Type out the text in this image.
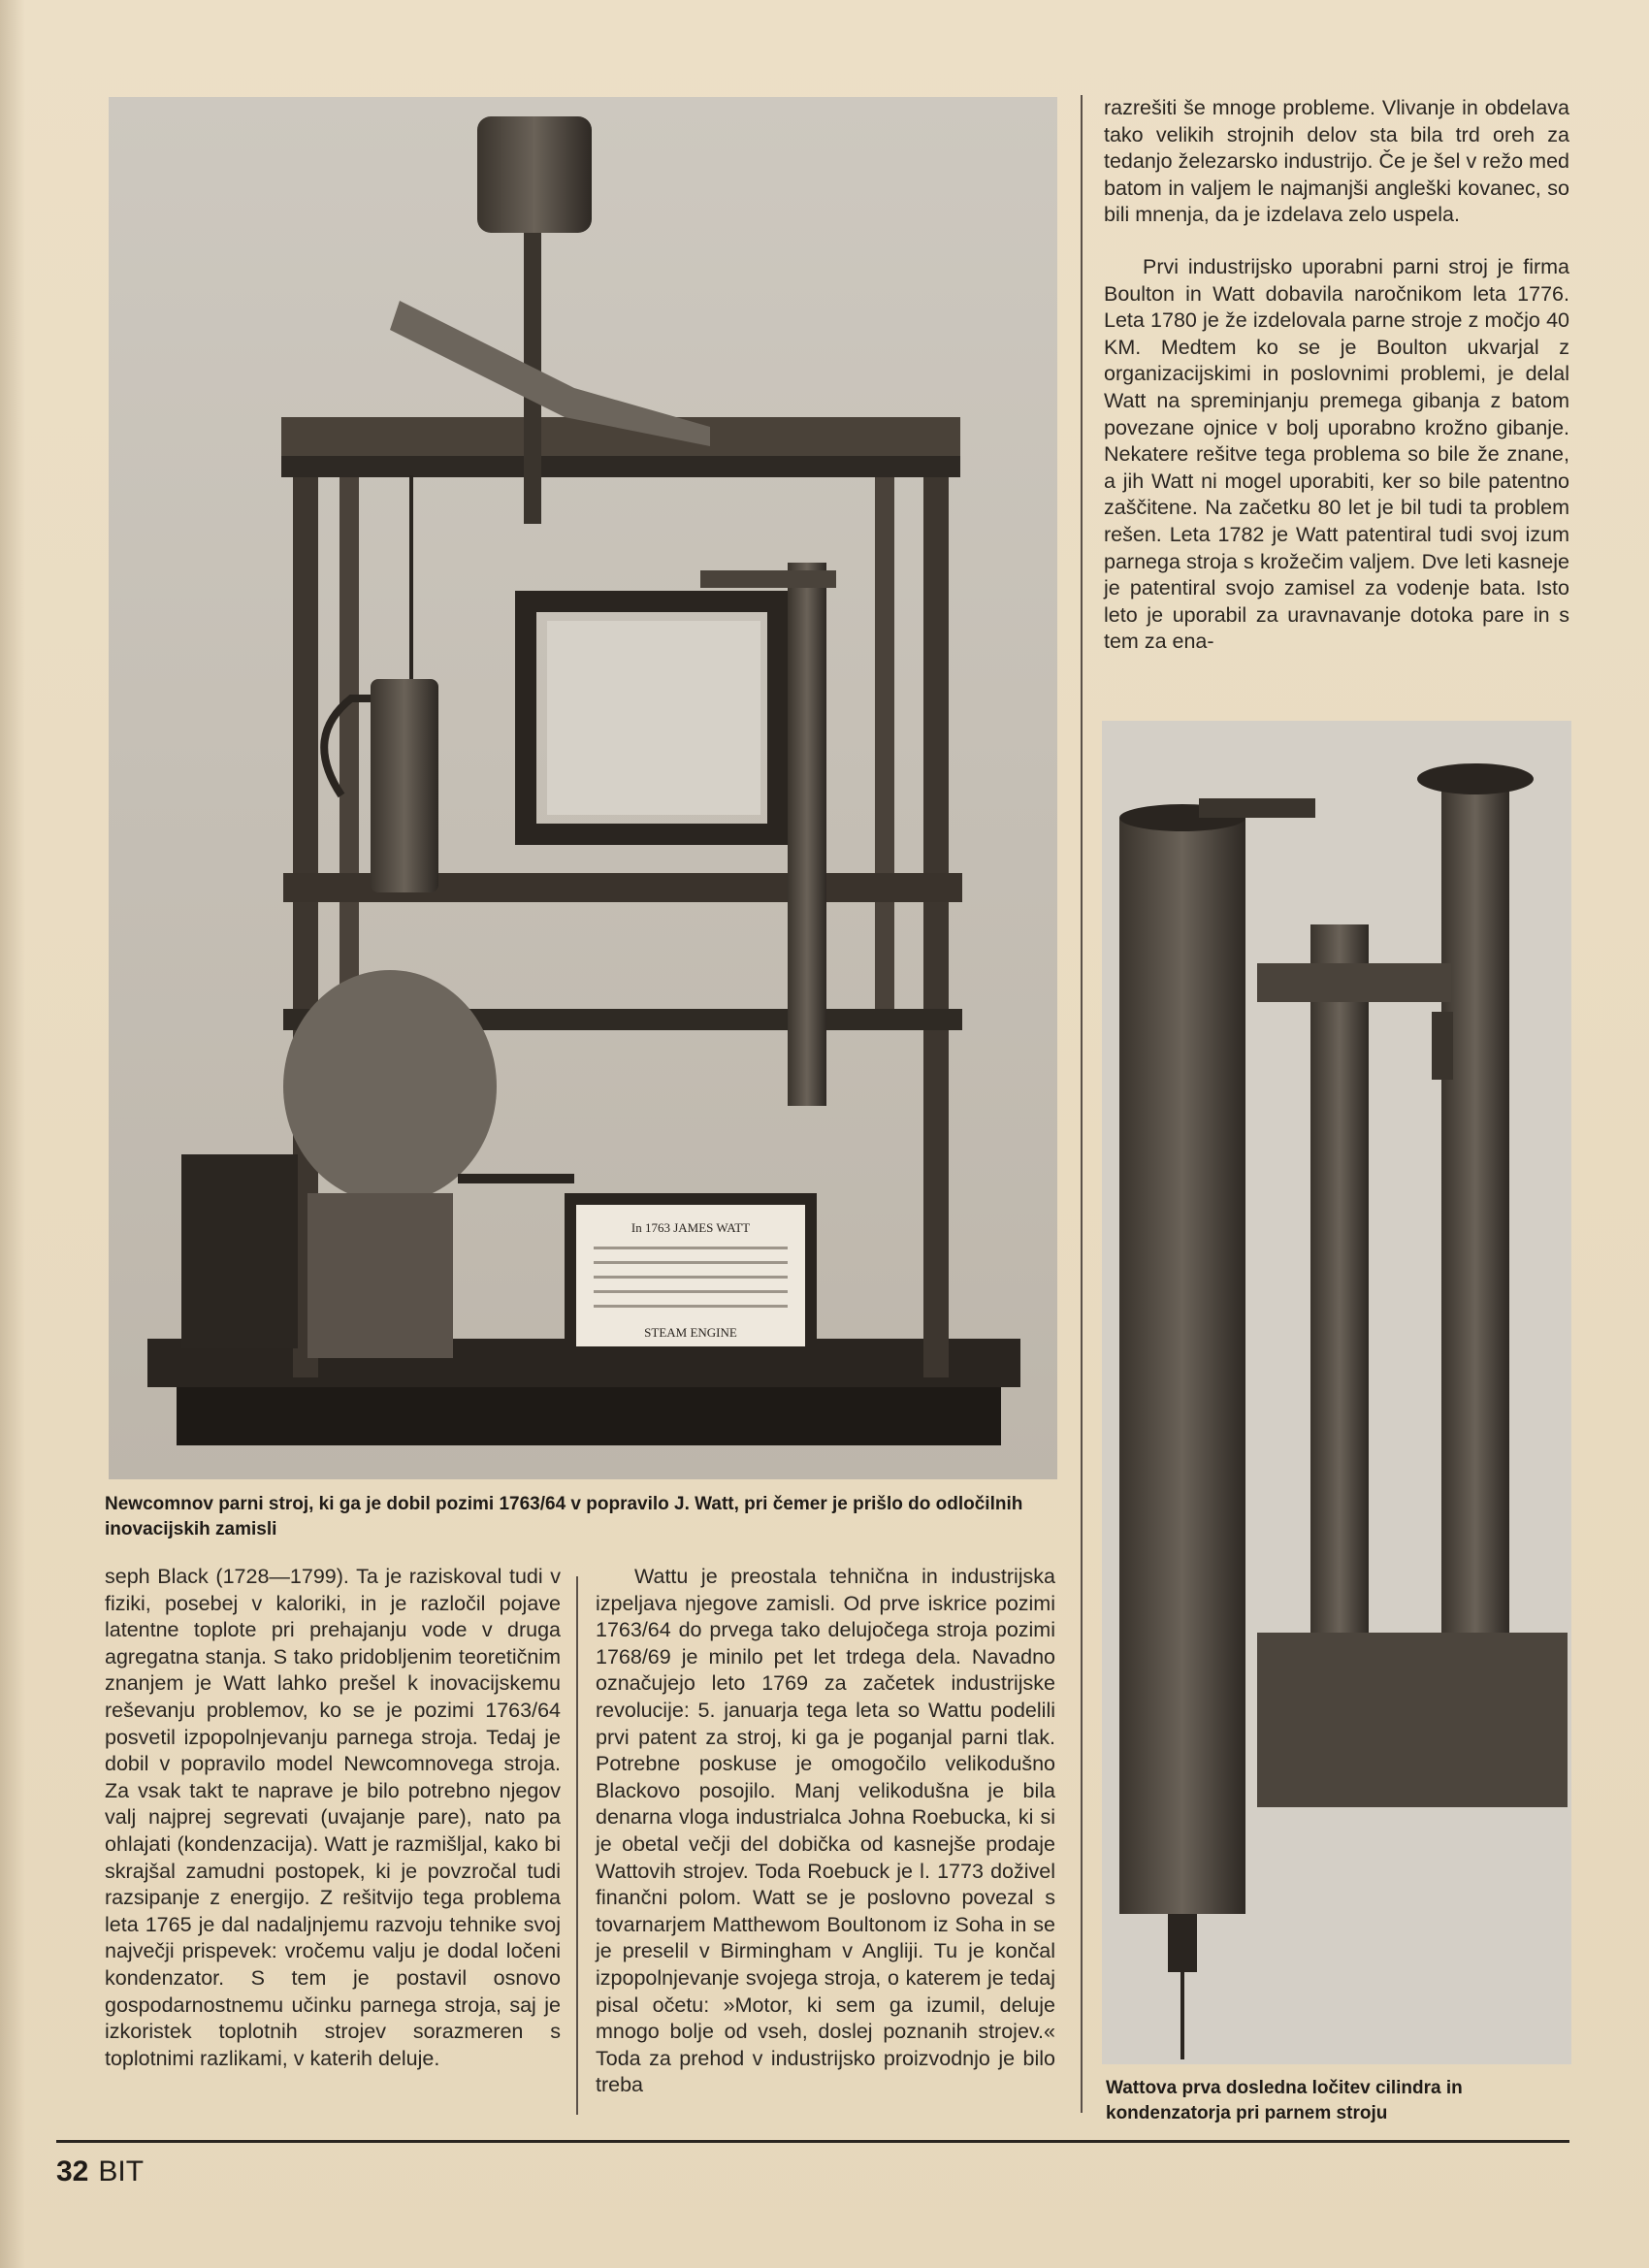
In 1763 JAMES WATT
STEAM ENGINE
Newcomnov parni stroj, ki ga je dobil pozimi 1763/64 v popravilo J. Watt, pri čemer je prišlo do odločilnih inovacijskih zamisli
Wattova prva dosledna ločitev cilindra in kondenzatorja pri parnem stroju

razrešiti še mnoge probleme. Vlivanje in obdelava tako velikih strojnih delov sta bila trd oreh za tedanjo železarsko industrijo. Če je šel v režo med batom in valjem le najmanjši angleški kovanec, so bili mnenja, da je izdelava zelo uspela.

Prvi industrijsko uporabni parni stroj je firma Boulton in Watt dobavila naročnikom leta 1776. Leta 1780 je že izdelovala parne stroje z močjo 40 KM. Medtem ko se je Boulton ukvarjal z organizacijskimi in poslovnimi problemi, je delal Watt na spreminjanju premega gibanja z batom povezane ojnice v bolj uporabno krožno gibanje. Nekatere rešitve tega problema so bile že znane, a jih Watt ni mogel uporabiti, ker so bile patentno zaščitene. Na začetku 80 let je bil tudi ta problem rešen. Leta 1782 je Watt patentiral tudi svoj izum parnega stroja s krožečim valjem. Dve leti kasneje je patentiral svojo zamisel za vodenje bata. Isto leto je uporabil za uravnavanje dotoka pare in s tem za ena-

seph Black (1728—1799). Ta je raziskoval tudi v fiziki, posebej v kaloriki, in je razločil pojave latentne toplote pri prehajanju vode v druga agregatna stanja. S tako pridobljenim teoretičnim znanjem je Watt lahko prešel k inovacijskemu reševanju problemov, ko se je pozimi 1763/64 posvetil izpopolnjevanju parnega stroja. Tedaj je dobil v popravilo model Newcomnovega stroja. Za vsak takt te naprave je bilo potrebno njegov valj najprej segrevati (uvajanje pare), nato pa ohlajati (kondenzacija). Watt je razmišljal, kako bi skrajšal zamudni postopek, ki je povzročal tudi razsipanje z energijo. Z rešitvijo tega problema leta 1765 je dal nadaljnjemu razvoju tehnike svoj največji prispevek: vročemu valju je dodal ločeni kondenzator. S tem je postavil osnovo gospodarnostnemu učinku parnega stroja, saj je izkoristek toplotnih strojev sorazmeren s toplotnimi razlikami, v katerih deluje.

Wattu je preostala tehnična in industrijska izpeljava njegove zamisli. Od prve iskrice pozimi 1763/64 do prvega tako delujočega stroja pozimi 1768/69 je minilo pet let trdega dela. Navadno označujejo leto 1769 za začetek industrijske revolucije: 5. januarja tega leta so Wattu podelili prvi patent za stroj, ki ga je poganjal parni tlak. Potrebne poskuse je omogočilo velikodušno Blackovo posojilo. Manj velikodušna je bila denarna vloga industrialca Johna Roebucka, ki si je obetal večji del dobička od kasnejše prodaje Wattovih strojev. Toda Roebuck je l. 1773 doživel finančni polom. Watt se je poslovno povezal s tovarnarjem Matthewom Boultonom iz Soha in se je preselil v Birmingham v Angliji. Tu je končal izpopolnjevanje svojega stroja, o katerem je tedaj pisal očetu: »Motor, ki sem ga izumil, deluje mnogo bolje od vseh, doslej poznanih strojev.« Toda za prehod v industrijsko proizvodnjo je bilo treba

32 BIT
